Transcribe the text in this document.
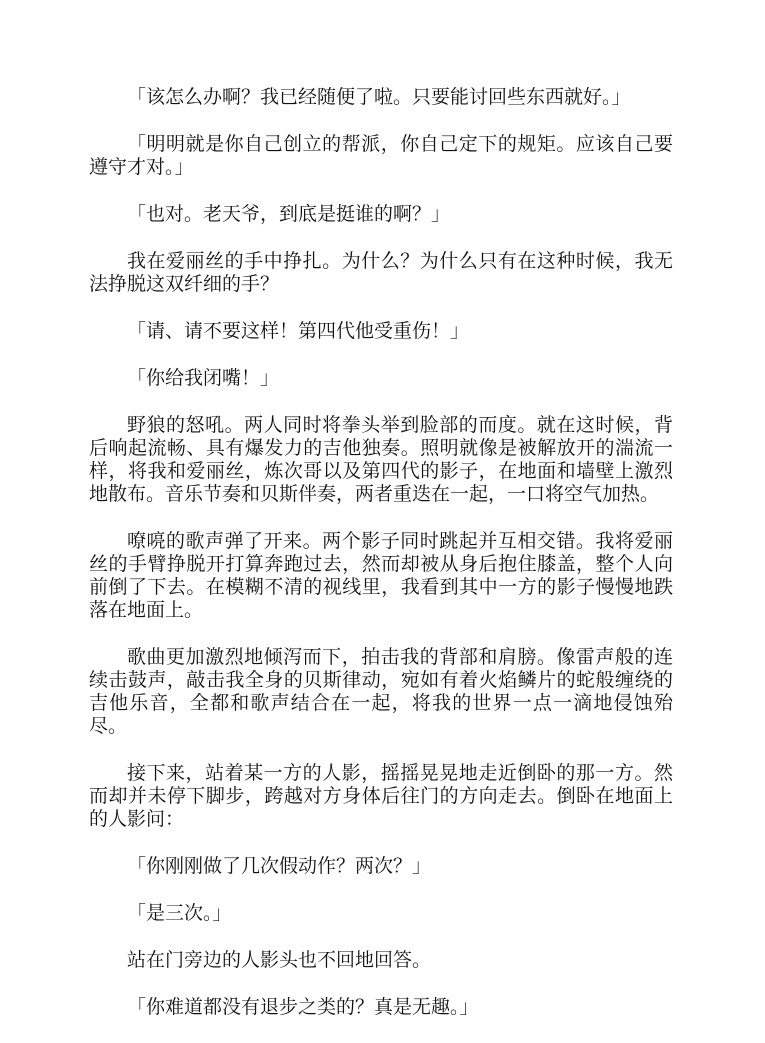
「该怎么办啊？我已经随便了啦。只要能讨回些东西就好。」

「明明就是你自己创立的帮派，你自己定下的规矩。应该自己要遵守才对。」

「也对。老天爷，到底是挺谁的啊？」

我在爱丽丝的手中挣扎。为什么？为什么只有在这种时候，我无法挣脱这双纤细的手？

「请、请不要这样！第四代他受重伤！」

「你给我闭嘴！」

野狼的怒吼。两人同时将拳头举到脸部的而度。就在这时候，背后响起流畅、具有爆发力的吉他独奏。照明就像是被解放开的湍流一样，将我和爱丽丝，炼次哥以及第四代的影子，在地面和墙壁上激烈地散布。音乐节奏和贝斯伴奏，两者重迭在一起，一口将空气加热。

嘹喨的歌声弹了开来。两个影子同时跳起并互相交错。我将爱丽丝的手臂挣脱开打算奔跑过去，然而却被从身后抱住膝盖，整个人向前倒了下去。在模糊不清的视线里，我看到其中一方的影子慢慢地跌落在地面上。

歌曲更加激烈地倾泻而下，拍击我的背部和肩膀。像雷声般的连续击鼓声，敲击我全身的贝斯律动，宛如有着火焰鳞片的蛇般缠绕的吉他乐音，全都和歌声结合在一起，将我的世界一点一滴地侵蚀殆尽。

接下来，站着某一方的人影，摇摇晃晃地走近倒卧的那一方。然而却并未停下脚步，跨越对方身体后往门的方向走去。倒卧在地面上的人影问：

「你刚刚做了几次假动作？两次？」

「是三次。」

站在门旁边的人影头也不回地回答。

「你难道都没有退步之类的？真是无趣。」
